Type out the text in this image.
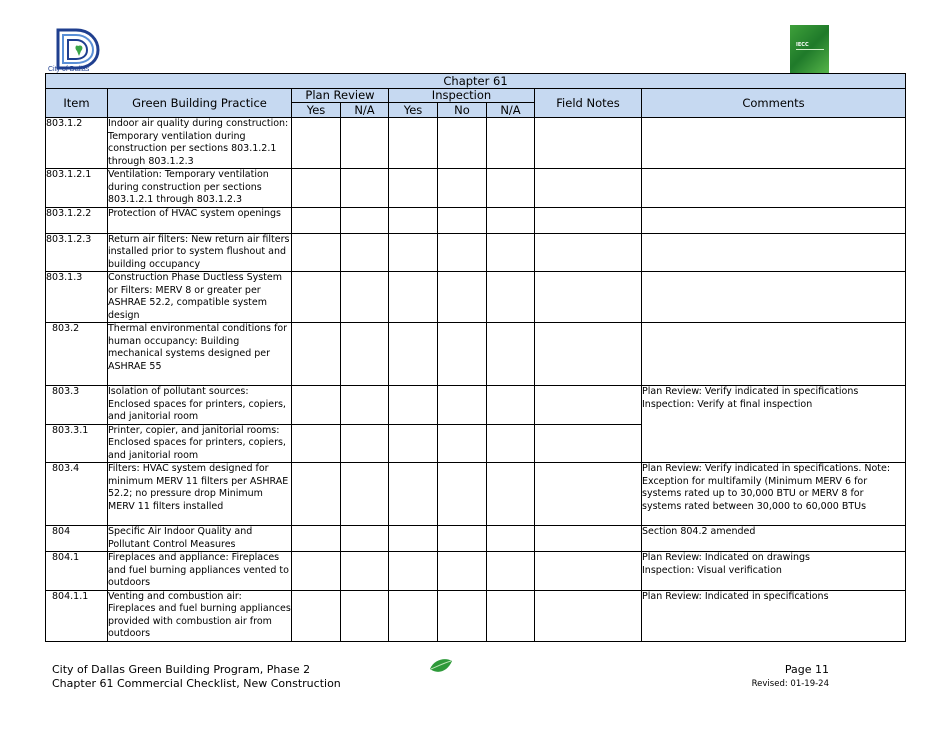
City of Dallas
IECC
Chapter 61								
Item	Green Building Practice	Plan Review		Inspection			Field Notes	Comments
		Yes	N/A	Yes	No	N/A		
803.1.2	Indoor air quality during construction: Temporary ventilation during construction per sections 803.1.2.1 through 803.1.2.3							
803.1.2.1	Ventilation: Temporary ventilation during construction per sections 803.1.2.1 through 803.1.2.3							
803.1.2.2	Protection of HVAC system openings							
803.1.2.3	Return air filters: New return air filters installed prior to system flushout and building occupancy							
803.1.3	Construction Phase Ductless System or Filters: MERV 8 or greater per ASHRAE 52.2, compatible system design							
803.2	Thermal environmental conditions for human occupancy: Building mechanical systems designed per ASHRAE 55							
803.3	Isolation of pollutant sources: Enclosed spaces for printers, copiers, and janitorial room							Plan Review: Verify indicated in specifications
Inspection: Verify at final inspection

803.3.1	Printer, copier, and janitorial rooms: Enclosed spaces for printers, copiers, and janitorial room							
803.4	Filters: HVAC system designed for minimum MERV 11 filters per ASHRAE 52.2; no pressure drop Minimum MERV 11 filters installed							Plan Review: Verify indicated in specifications. Note: Exception for multifamily (Minimum MERV 6 for systems rated up to 30,000 BTU or MERV 8 for systems rated between 30,000 to 60,000 BTUs
804	Specific Air Indoor Quality and Pollutant Control Measures							Section 804.2 amended
804.1	Fireplaces and appliance: Fireplaces and fuel burning appliances vented to outdoors							Plan Review: Indicated on drawings
Inspection: Visual verification

804.1.1	Venting and combustion air: Fireplaces and fuel burning appliances provided with combustion air from outdoors							Plan Review: Indicated in specifications
City of Dallas Green Building Program, Phase 2
Chapter 61 Commercial Checklist, New Construction
Page 11
Revised: 01-19-24
